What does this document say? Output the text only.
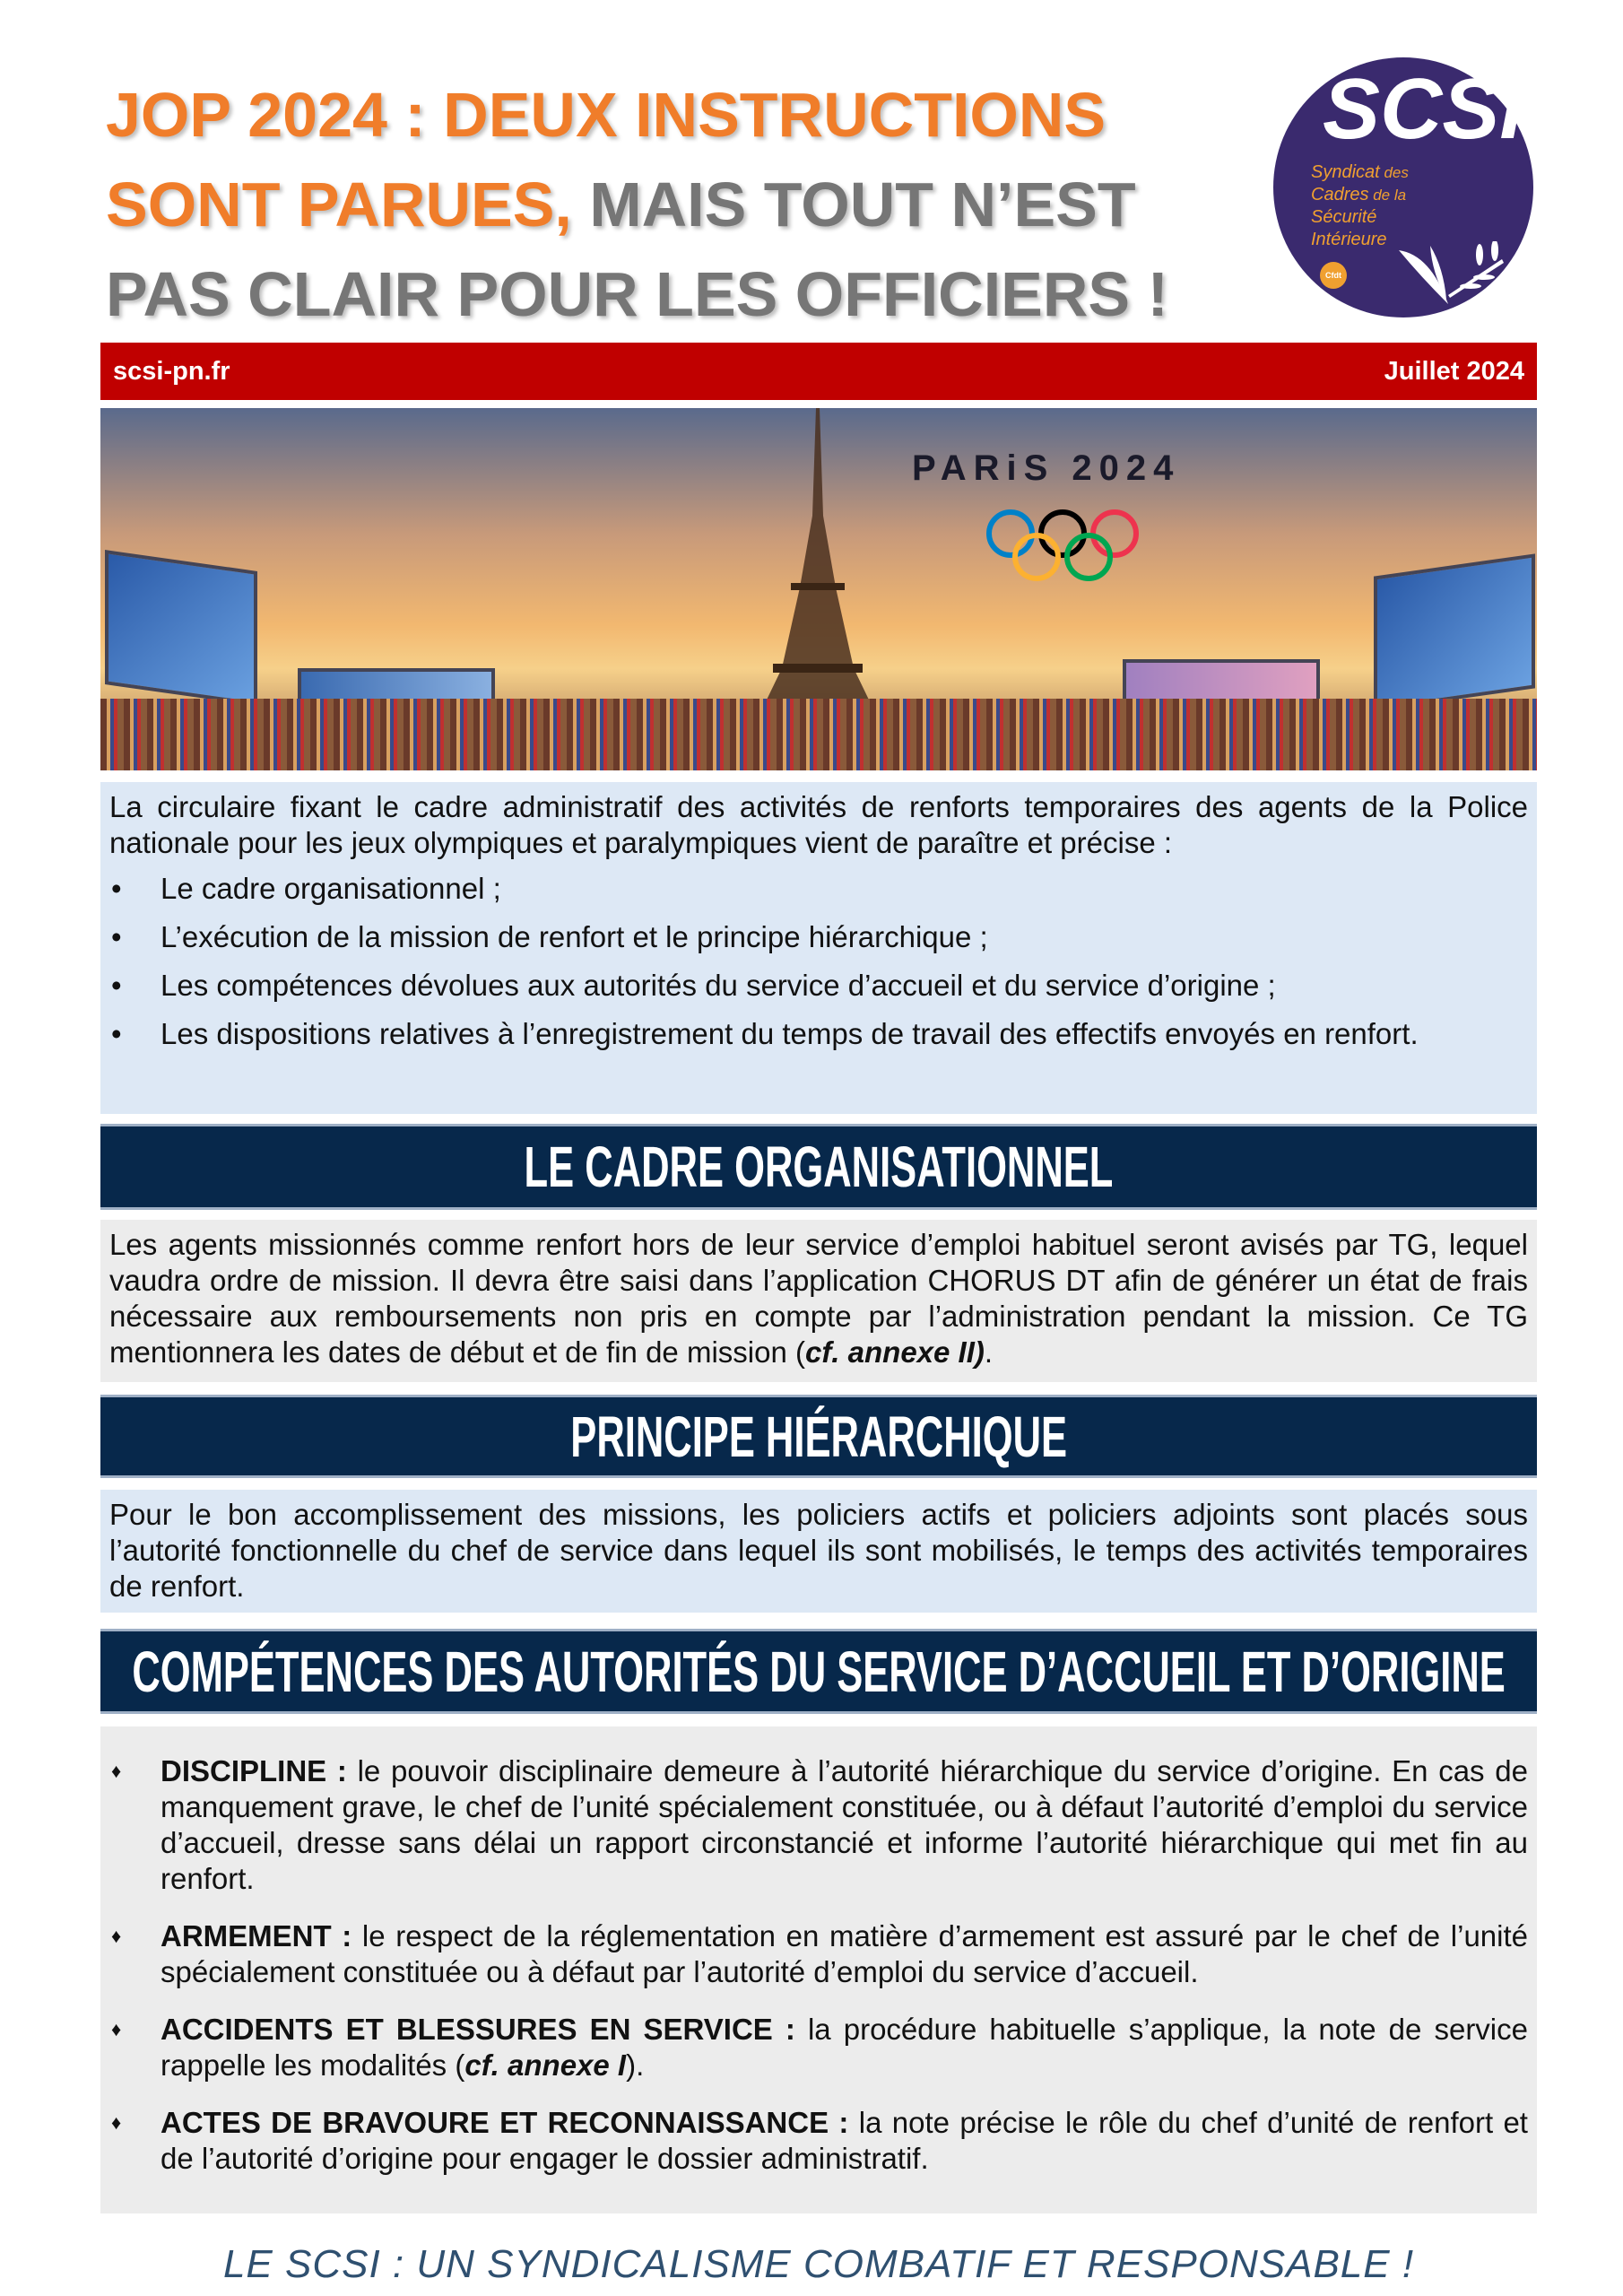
JOP 2024 : DEUX INSTRUCTIONS
SONT PARUES, MAIS TOUT N’EST
PAS CLAIR POUR LES OFFICIERS !
SCSI
Syndicat des
Cadres de la
Sécurité
Intérieure
Cfdt
scsi-pn.fr	Juillet 2024
PARiS 2024

La circulaire fixant le cadre administratif des activités de renforts temporaires des agents de la Police nationale pour les jeux olympiques et paralympiques vient de paraître et précise :

• Le cadre organisationnel ;
• L’exécution de la mission de renfort et le principe hiérarchique ;
• Les compétences dévolues aux autorités du service d’accueil et du service d’origine ;
• Les dispositions relatives à l’enregistrement du temps de travail des effectifs envoyés en renfort.
LE CADRE ORGANISATIONNEL

Les agents missionnés comme renfort hors de leur service d’emploi habituel seront avisés par TG, lequel vaudra ordre de mission. Il devra être saisi dans l’application CHORUS DT afin de générer un état de frais nécessaire aux remboursements non pris en compte par l’administration pendant la mission. Ce TG mentionnera les dates de début et de fin de mission (cf. annexe II).

PRINCIPE HIÉRARCHIQUE

Pour le bon accomplissement des missions, les policiers actifs et policiers adjoints sont placés sous l’autorité fonctionnelle du chef de service dans lequel ils sont mobilisés, le temps des activités temporaires de renfort.

COMPÉTENCES DES AUTORITÉS DU SERVICE D’ACCUEIL ET D’ORIGINE
♦ DISCIPLINE : le pouvoir disciplinaire demeure à l’autorité hiérarchique du service d’origine. En cas de manquement grave, le chef de l’unité spécialement constituée, ou à défaut l’autorité d’emploi du service d’accueil, dresse sans délai un rapport circonstancié et informe l’autorité hiérarchique qui met fin au renfort.
♦ ARMEMENT : le respect de la réglementation en matière d’armement est assuré par le chef de l’unité spécialement constituée ou à défaut par l’autorité d’emploi du service d’accueil.
♦ ACCIDENTS ET BLESSURES EN SERVICE : la procédure habituelle s’applique, la note de service rappelle les modalités (cf. annexe I).
♦ ACTES DE BRAVOURE ET RECONNAISSANCE : la note précise le rôle du chef d’unité de renfort et de l’autorité d’origine pour engager le dossier administratif.
LE SCSI : UN SYNDICALISME COMBATIF ET RESPONSABLE !
